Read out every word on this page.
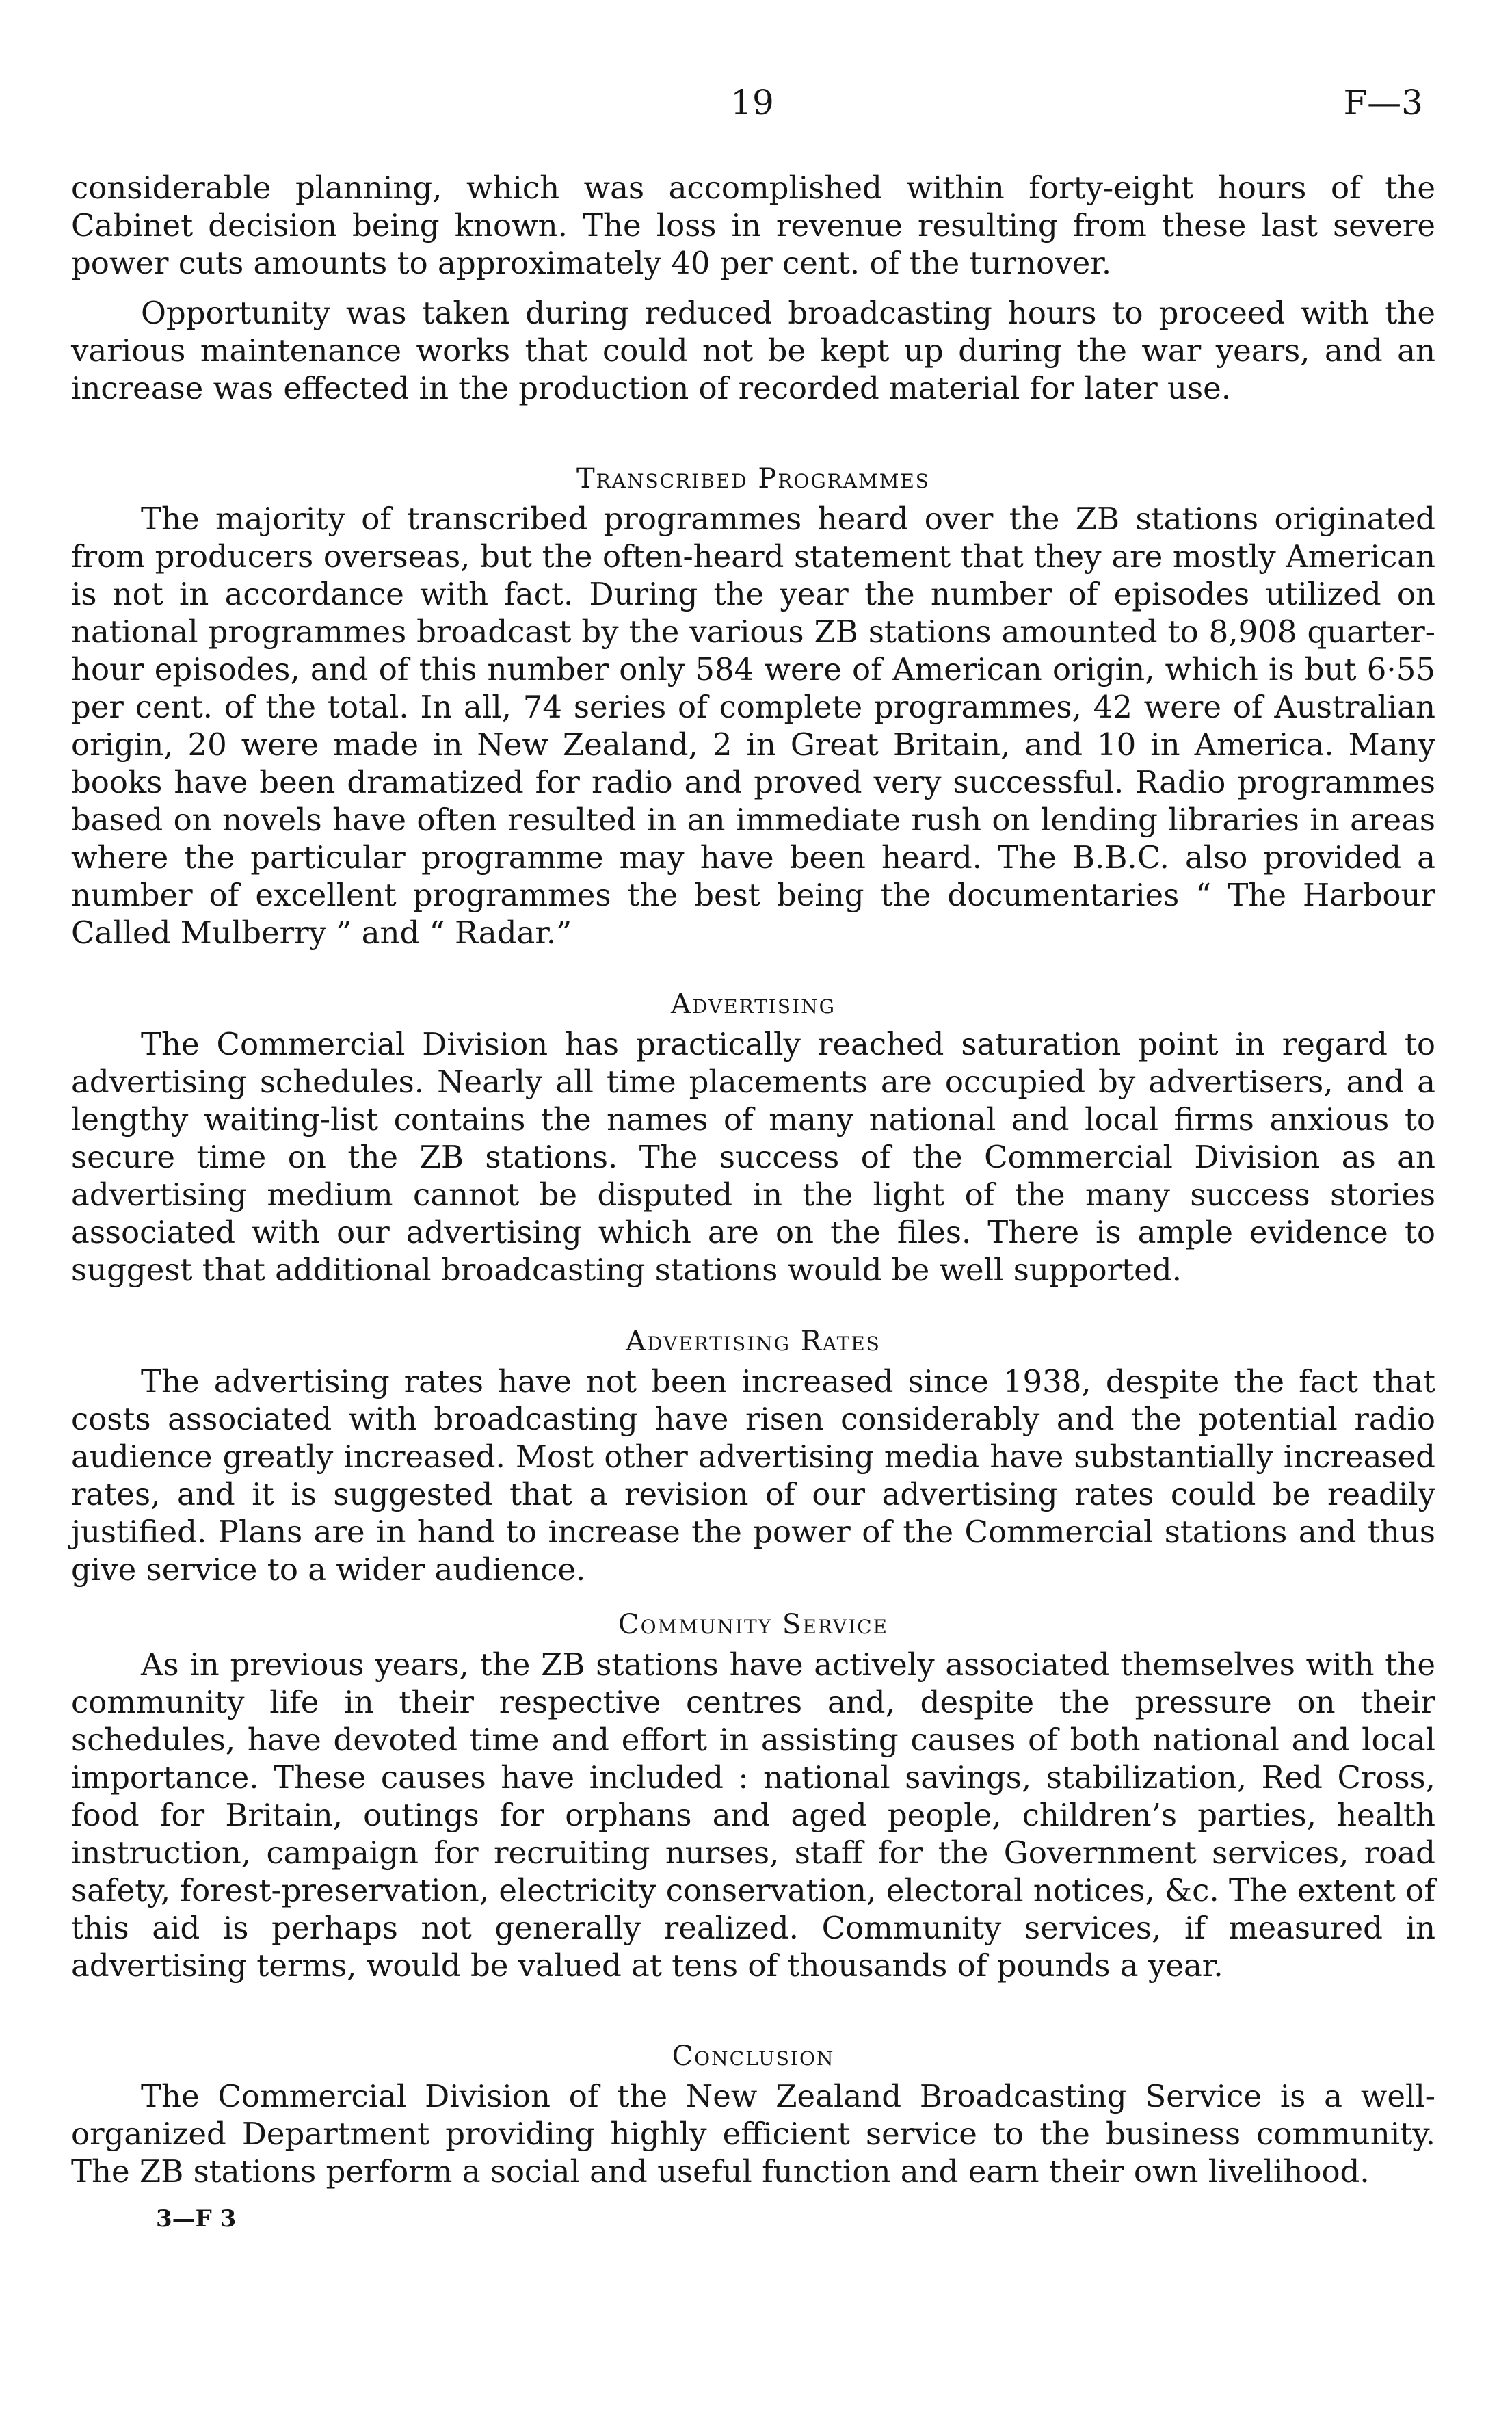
19	F—3

considerable planning, which was accomplished within forty-eight hours of the Cabinet decision being known. The loss in revenue resulting from these last severe power cuts amounts to approximately 40 per cent. of the turnover.

Opportunity was taken during reduced broadcasting hours to proceed with the various maintenance works that could not be kept up during the war years, and an increase was effected in the production of recorded material for later use.

Transcribed Programmes

The majority of transcribed programmes heard over the ZB stations originated from producers overseas, but the often-heard statement that they are mostly American is not in accordance with fact. During the year the number of episodes utilized on national programmes broadcast by the various ZB stations amounted to 8,908 quarter-hour episodes, and of this number only 584 were of American origin, which is but 6·55 per cent. of the total. In all, 74 series of complete programmes, 42 were of Australian origin, 20 were made in New Zealand, 2 in Great Britain, and 10 in America. Many books have been dramatized for radio and proved very successful. Radio programmes based on novels have often resulted in an immediate rush on lending libraries in areas where the particular programme may have been heard. The B.B.C. also provided a number of excellent programmes the best being the documentaries “ The Harbour Called Mulberry ” and “ Radar.”

Advertising

The Commercial Division has practically reached saturation point in regard to advertising schedules. Nearly all time placements are occupied by advertisers, and a lengthy waiting-list contains the names of many national and local firms anxious to secure time on the ZB stations. The success of the Commercial Division as an advertising medium cannot be disputed in the light of the many success stories associated with our advertising which are on the files. There is ample evidence to suggest that additional broadcasting stations would be well supported.

Advertising Rates

The advertising rates have not been increased since 1938, despite the fact that costs associated with broadcasting have risen considerably and the potential radio audience greatly increased. Most other advertising media have substantially increased rates, and it is suggested that a revision of our advertising rates could be readily justified. Plans are in hand to increase the power of the Commercial stations and thus give service to a wider audience.

Community Service

As in previous years, the ZB stations have actively associated themselves with the community life in their respective centres and, despite the pressure on their schedules, have devoted time and effort in assisting causes of both national and local importance. These causes have included : national savings, stabilization, Red Cross, food for Britain, outings for orphans and aged people, children’s parties, health instruction, campaign for recruiting nurses, staff for the Government services, road safety, forest-preservation, electricity conservation, electoral notices, &c. The extent of this aid is perhaps not generally realized. Community services, if measured in advertising terms, would be valued at tens of thousands of pounds a year.

Conclusion

The Commercial Division of the New Zealand Broadcasting Service is a well-organized Department providing highly efficient service to the business community. The ZB stations perform a social and useful function and earn their own livelihood.

3—F 3
